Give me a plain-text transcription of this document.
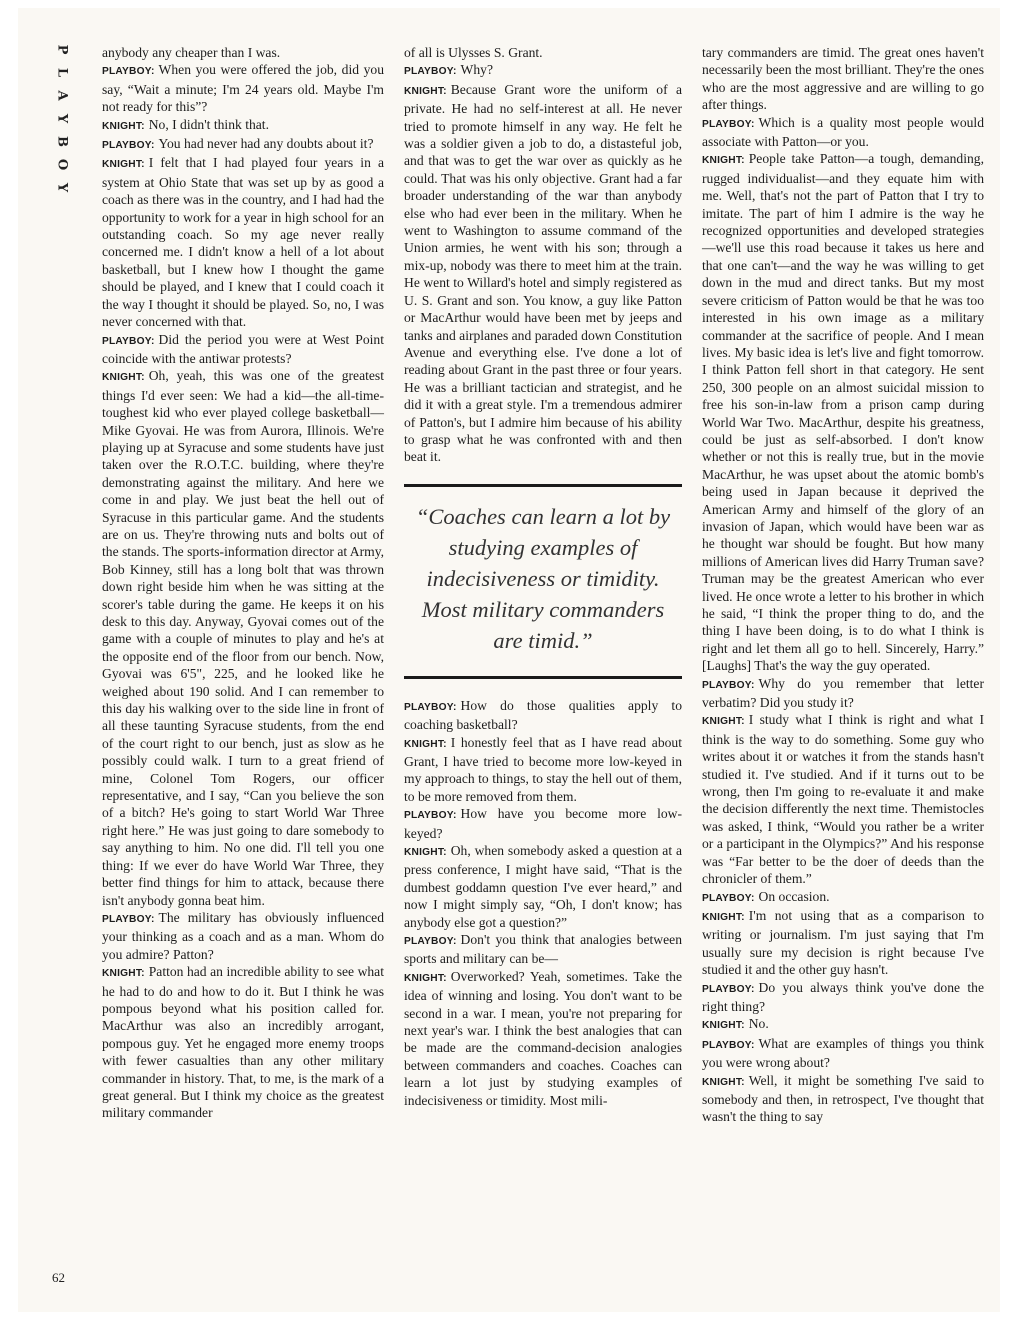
P
L
A
Y
B
O
Y

anybody any cheaper than I was.

PLAYBOY: When you were offered the job, did you say, “Wait a minute; I'm 24 years old. Maybe I'm not ready for this”?

KNIGHT: No, I didn't think that.

PLAYBOY: You had never had any doubts about it?

KNIGHT: I felt that I had played four years in a system at Ohio State that was set up by as good a coach as there was in the country, and I had had the opportunity to work for a year in high school for an outstanding coach. So my age never really concerned me. I didn't know a hell of a lot about basketball, but I knew how I thought the game should be played, and I knew that I could coach it the way I thought it should be played. So, no, I was never concerned with that.

PLAYBOY: Did the period you were at West Point coincide with the antiwar protests?

KNIGHT: Oh, yeah, this was one of the greatest things I'd ever seen: We had a kid—the all-time-toughest kid who ever played college basketball—Mike Gyovai. He was from Aurora, Illinois. We're playing up at Syracuse and some students have just taken over the R.O.T.C. building, where they're demonstrating against the military. And here we come in and play. We just beat the hell out of Syracuse in this particular game. And the students are on us. They're throwing nuts and bolts out of the stands. The sports-information director at Army, Bob Kinney, still has a long bolt that was thrown down right beside him when he was sitting at the scorer's table during the game. He keeps it on his desk to this day. Anyway, Gyovai comes out of the game with a couple of minutes to play and he's at the opposite end of the floor from our bench. Now, Gyovai was 6'5", 225, and he looked like he weighed about 190 solid. And I can remember to this day his walking over to the side line in front of all these taunting Syracuse students, from the end of the court right to our bench, just as slow as he possibly could walk. I turn to a great friend of mine, Colonel Tom Rogers, our officer representative, and I say, “Can you believe the son of a bitch? He's going to start World War Three right here.” He was just going to dare somebody to say anything to him. No one did. I'll tell you one thing: If we ever do have World War Three, they better find things for him to attack, because there isn't anybody gonna beat him.

PLAYBOY: The military has obviously influenced your thinking as a coach and as a man. Whom do you admire? Patton?

KNIGHT: Patton had an incredible ability to see what he had to do and how to do it. But I think he was pompous beyond what his position called for. MacArthur was also an incredibly arrogant, pompous guy. Yet he engaged more enemy troops with fewer casualties than any other military commander in history. That, to me, is the mark of a great general. But I think my choice as the greatest military commander

of all is Ulysses S. Grant.

PLAYBOY: Why?

KNIGHT: Because Grant wore the uniform of a private. He had no self-interest at all. He never tried to promote himself in any way. He felt he was a soldier given a job to do, a distasteful job, and that was to get the war over as quickly as he could. That was his only objective. Grant had a far broader understanding of the war than anybody else who had ever been in the military. When he went to Washington to assume command of the Union armies, he went with his son; through a mix-up, nobody was there to meet him at the train. He went to Willard's hotel and simply registered as U. S. Grant and son. You know, a guy like Patton or MacArthur would have been met by jeeps and tanks and airplanes and paraded down Constitution Avenue and everything else. I've done a lot of reading about Grant in the past three or four years. He was a brilliant tactician and strategist, and he did it with a great style. I'm a tremendous admirer of Patton's, but I admire him because of his ability to grasp what he was confronted with and then beat it.

“Coaches can learn a lot by studying examples of indecisiveness or timidity. Most military commanders are timid.”

PLAYBOY: How do those qualities apply to coaching basketball?

KNIGHT: I honestly feel that as I have read about Grant, I have tried to become more low-keyed in my approach to things, to stay the hell out of them, to be more removed from them.

PLAYBOY: How have you become more low-keyed?

KNIGHT: Oh, when somebody asked a question at a press conference, I might have said, “That is the dumbest goddamn question I've ever heard,” and now I might simply say, “Oh, I don't know; has anybody else got a question?”

PLAYBOY: Don't you think that analogies between sports and military can be—

KNIGHT: Overworked? Yeah, sometimes. Take the idea of winning and losing. You don't want to be second in a war. I mean, you're not preparing for next year's war. I think the best analogies that can be made are the command-decision analogies between commanders and coaches. Coaches can learn a lot just by studying examples of indecisiveness or timidity. Most mili-

tary commanders are timid. The great ones haven't necessarily been the most brilliant. They're the ones who are the most aggressive and are willing to go after things.

PLAYBOY: Which is a quality most people would associate with Patton—or you.

KNIGHT: People take Patton—a tough, demanding, rugged individualist—and they equate him with me. Well, that's not the part of Patton that I try to imitate. The part of him I admire is the way he recognized opportunities and developed strategies—we'll use this road because it takes us here and that one can't—and the way he was willing to get down in the mud and direct tanks. But my most severe criticism of Patton would be that he was too interested in his own image as a military commander at the sacrifice of people. And I mean lives. My basic idea is let's live and fight tomorrow. I think Patton fell short in that category. He sent 250, 300 people on an almost suicidal mission to free his son-in-law from a prison camp during World War Two. MacArthur, despite his greatness, could be just as self-absorbed. I don't know whether or not this is really true, but in the movie MacArthur, he was upset about the atomic bomb's being used in Japan because it deprived the American Army and himself of the glory of an invasion of Japan, which would have been war as he thought war should be fought. But how many millions of American lives did Harry Truman save? Truman may be the greatest American who ever lived. He once wrote a letter to his brother in which he said, “I think the proper thing to do, and the thing I have been doing, is to do what I think is right and let them all go to hell. Sincerely, Harry.” [Laughs] That's the way the guy operated.

PLAYBOY: Why do you remember that letter verbatim? Did you study it?

KNIGHT: I study what I think is right and what I think is the way to do something. Some guy who writes about it or watches it from the stands hasn't studied it. I've studied. And if it turns out to be wrong, then I'm going to re-evaluate it and make the decision differently the next time. Themistocles was asked, I think, “Would you rather be a writer or a participant in the Olympics?” And his response was “Far better to be the doer of deeds than the chronicler of them.”

PLAYBOY: On occasion.

KNIGHT: I'm not using that as a comparison to writing or journalism. I'm just saying that I'm usually sure my decision is right because I've studied it and the other guy hasn't.

PLAYBOY: Do you always think you've done the right thing?

KNIGHT: No.

PLAYBOY: What are examples of things you think you were wrong about?

KNIGHT: Well, it might be something I've said to somebody and then, in retrospect, I've thought that wasn't the thing to say

62
